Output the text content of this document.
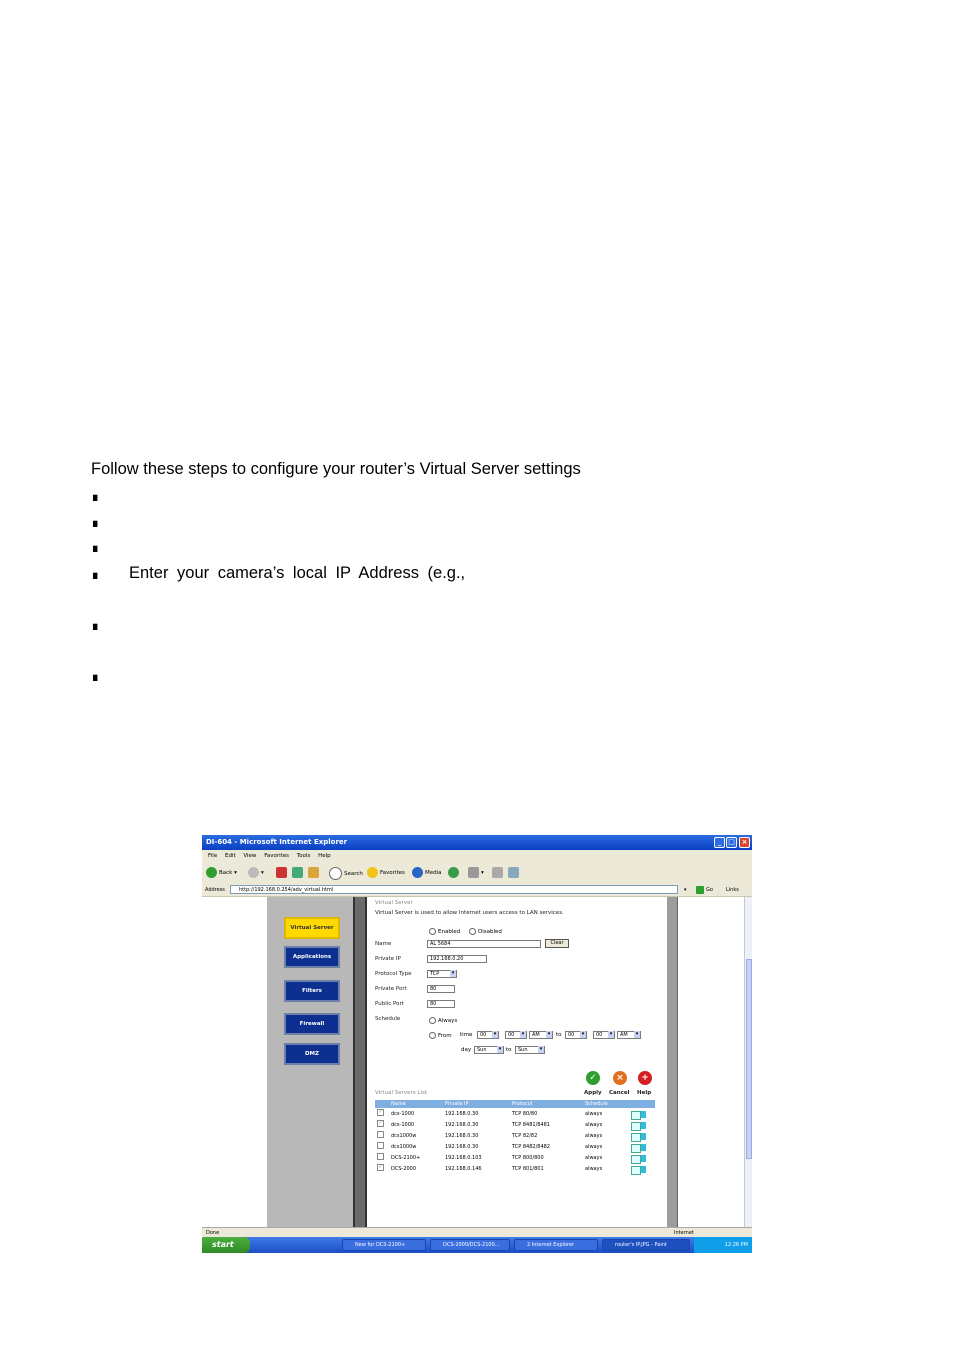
Follow these steps to configure your router’s Virtual Server settings
∎
∎
∎
∎ Enter your camera’s local IP Address (e.g.,
∎
∎
DI-604 - Microsoft Internet Explorer	_ □ ×
File Edit View Favorites Tools Help
Back ▾	▾	Search	Favorites	Media	▾
Address	http://192.168.0.254/adv_virtual.html	▾	Go	Links
Virtual Server
Applications
Filters
Firewall
DMZ
Virtual Server
Virtual Server is used to allow Internet users access to LAN services.
Enabled	Disabled
Name	AL 5684	Clear
Private IP	192.168.0.20
Protocol Type	TCP ▾
Private Port	80
Public Port	80
Schedule	Always
From time	00 ▾	00 ▾	AM ▾	to	00 ▾	00 ▾	AM ▾
day	Sun ▾	to	Sun ▾
✓	×	+
Apply Cancel Help
Virtual Servers List
Name	Private IP	Protocol	Schedule
✓ dcs-1000	192.168.0.30	TCP 80/80	always
✓ dcs-1000	192.168.0.30	TCP 8481/8481	always
dcs1000w	192.168.0.30	TCP 82/82	always
dcs1000w	192.168.0.30	TCP 8482/8482	always
DCS-2100+	192.168.0.103	TCP 800/800	always
✓ DCS-2000	192.168.0.146	TCP 801/801	always
Done	Internet
start	New for DCS-2100+	DCS-2000/DCS-2100...	2 Internet Explorer	router's IP.JPG - Paint	12:26 PM
